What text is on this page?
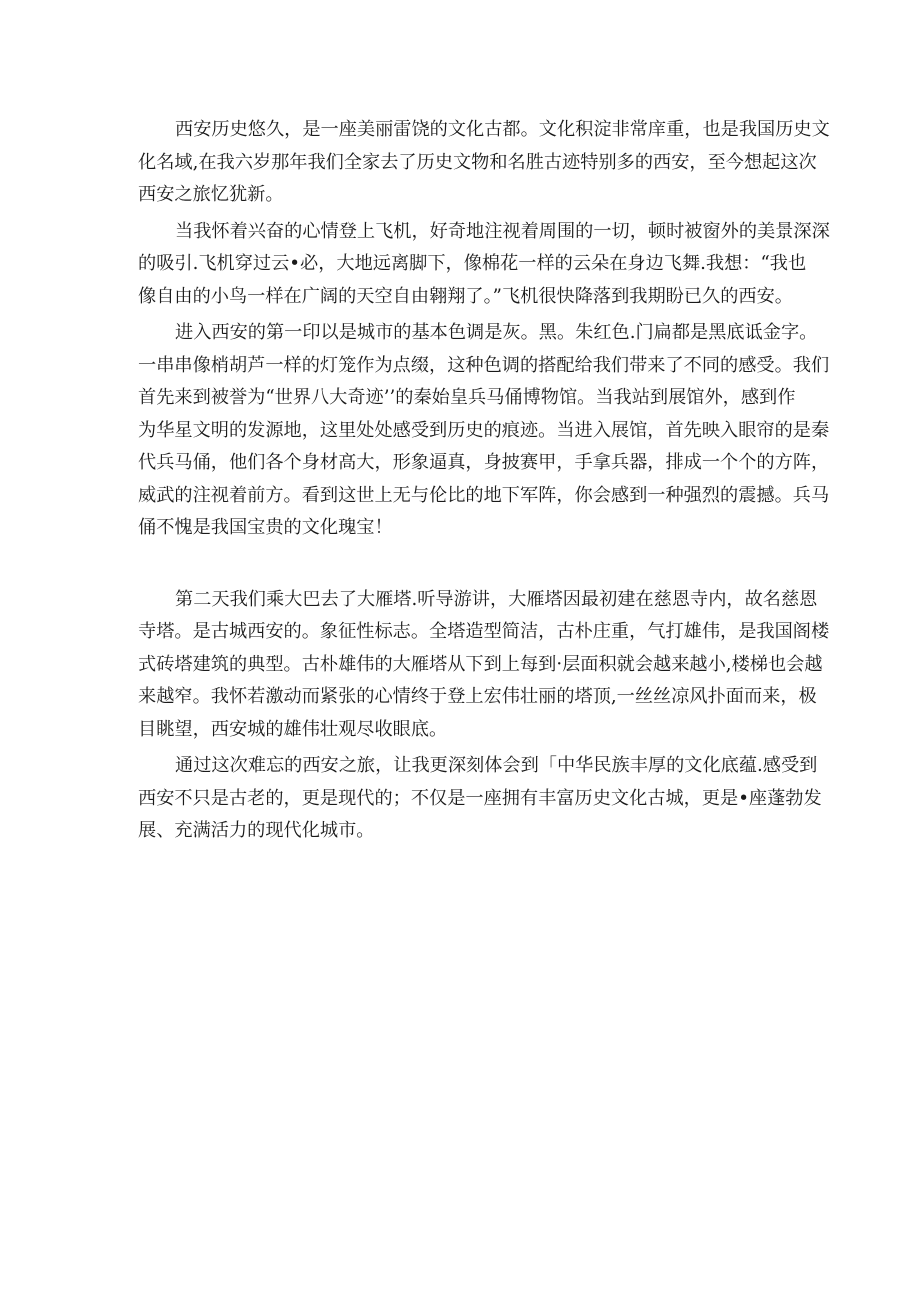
西安历史悠久，是一座美丽雷饶的文化古都。文化积淀非常庠重，也是我国历史文
化名域,在我六岁那年我们全家去了历史文物和名胜古迹特别多的西安，至今想起这次
西安之旅忆犹新。
当我怀着兴奋的心情登上飞机，好奇地注视着周围的一切，顿时被窗外的美景深深
的吸引.飞机穿过云•必，大地远离脚下，像棉花一样的云朵在身边飞舞.我想：“我也
像自由的小鸟一样在广阔的天空自由翱翔了。”飞机很快降落到我期盼已久的西安。
进入西安的第一印以是城市的基本色调是灰。黑。朱红色.门扁都是黑底诋金字。
一串串像梢胡芦一样的灯笼作为点缀，这种色调的搭配给我们带来了不同的感受。我们
首先来到被誉为“世界八大奇迹’’的秦始皇兵马俑博物馆。当我站到展馆外，感到作
为华星文明的发源地，这里处处感受到历史的痕迹。当进入展馆，首先映入眼帘的是秦
代兵马俑，他们各个身材高大，形象逼真，身披赛甲，手拿兵器，排成一个个的方阵，
威武的注视着前方。看到这世上无与伦比的地下军阵，你会感到一种强烈的震撼。兵马
俑不愧是我国宝贵的文化瑰宝！
第二天我们乘大巴去了大雁塔.听导游讲，大雁塔因最初建在慈恩寺内，故名慈恩
寺塔。是古城西安的。象征性标志。全塔造型简洁，古朴庄重，气打雄伟，是我国阁楼
式砖塔建筑的典型。古朴雄伟的大雁塔从下到上每到·层面积就会越来越小,楼梯也会越
来越窄。我怀若激动而紧张的心情终于登上宏伟壮丽的塔顶,一丝丝凉风扑面而来，极
目眺望，西安城的雄伟壮观尽收眼底。
通过这次难忘的西安之旅，让我更深刻体会到「中华民族丰厚的文化底蕴.感受到
西安不只是古老的，更是现代的；不仅是一座拥有丰富历史文化古城，更是•座蓬勃发
展、充满活力的现代化城市。
